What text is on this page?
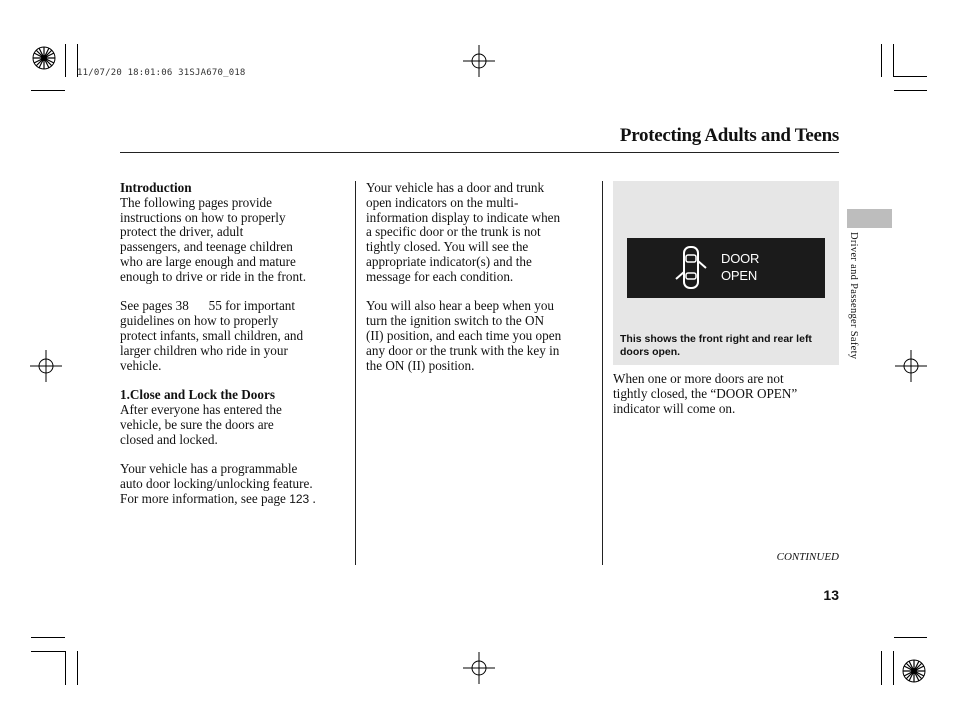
11/07/20 18:01:06 31SJA670_018
Protecting Adults and Teens

Introduction
The following pages provide
instructions on how to properly
protect the driver, adult
passengers, and teenage children
who are large enough and mature
enough to drive or ride in the front.

See pages 38      55 for important
guidelines on how to properly
protect infants, small children, and
larger children who ride in your
vehicle.

1.Close and Lock the Doors
After everyone has entered the
vehicle, be sure the doors are
closed and locked.

Your vehicle has a programmable
auto door locking/unlocking feature.
For more information, see page 123 .

Your vehicle has a door and trunk
open indicators on the multi-
information display to indicate when
a specific door or the trunk is not
tightly closed. You will see the
appropriate indicator(s) and the
message for each condition.

You will also hear a beep when you
turn the ignition switch to the ON
(II) position, and each time you open
any door or the trunk with the key in
the ON (II) position.

DOOR
OPEN
This shows the front right and rear left
doors open.

When one or more doors are not
tightly closed, the “DOOR OPEN”
indicator will come on.

Driver and Passenger Safety
CONTINUED
13
